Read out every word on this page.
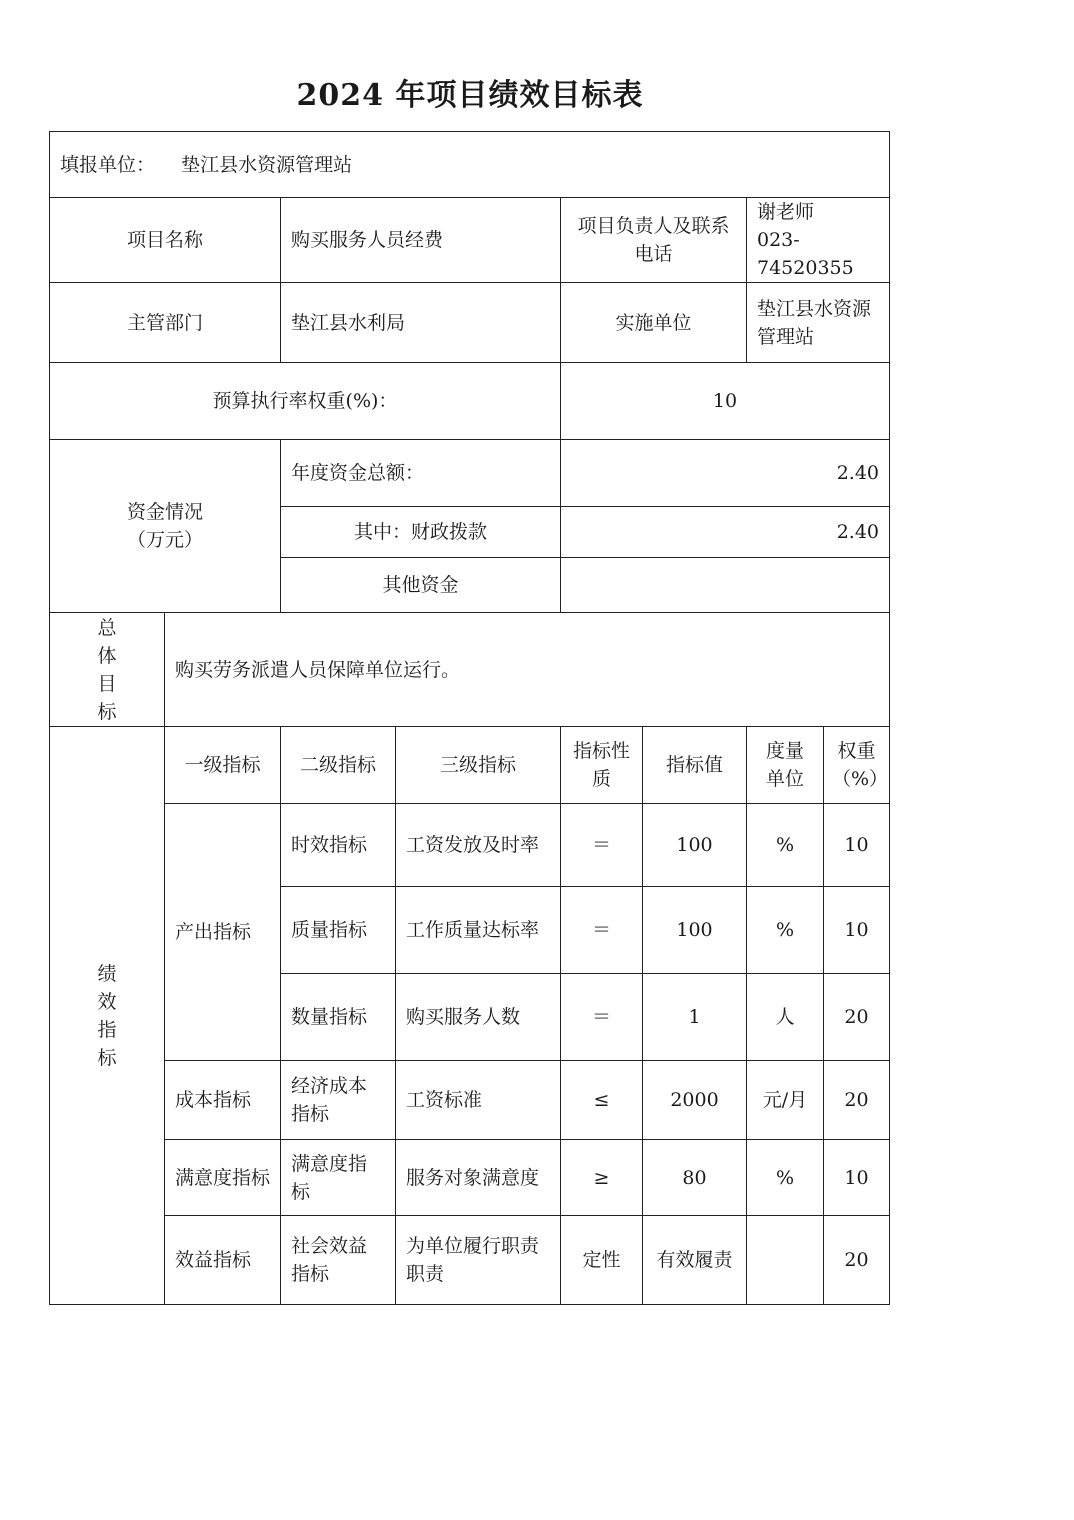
2024 年项目绩效目标表
填报单位： 垫江县水资源管理站							
项目名称		购买服务人员经费		项目负责人及联系电话		谢老师
023-74520355	

主管部门		垫江县水利局		实施单位		垫江县水资源管理站	
预算执行率权重(%)：				10			

资金情况
（万元）		年度资金总额：		2.40			
		其中：财政拨款		2.40			
		其他资金					

总
体
目
标	购买劳务派遣人员保障单位运行。						

绩
效
指
标	一级指标	二级指标	三级指标	指标性质	指标值	度量单位	权重（%）
	产出指标	时效指标	工资发放及时率	＝	100	%	10
		质量指标	工作质量达标率	＝	100	%	10
		数量指标	购买服务人数	＝	1	人	20
	成本指标	经济成本指标	工资标准	≤	2000	元/月	20
	满意度指标	满意度指标	服务对象满意度	≥	80	%	10
	效益指标	社会效益指标	为单位履行职责职责	定性	有效履责		20
